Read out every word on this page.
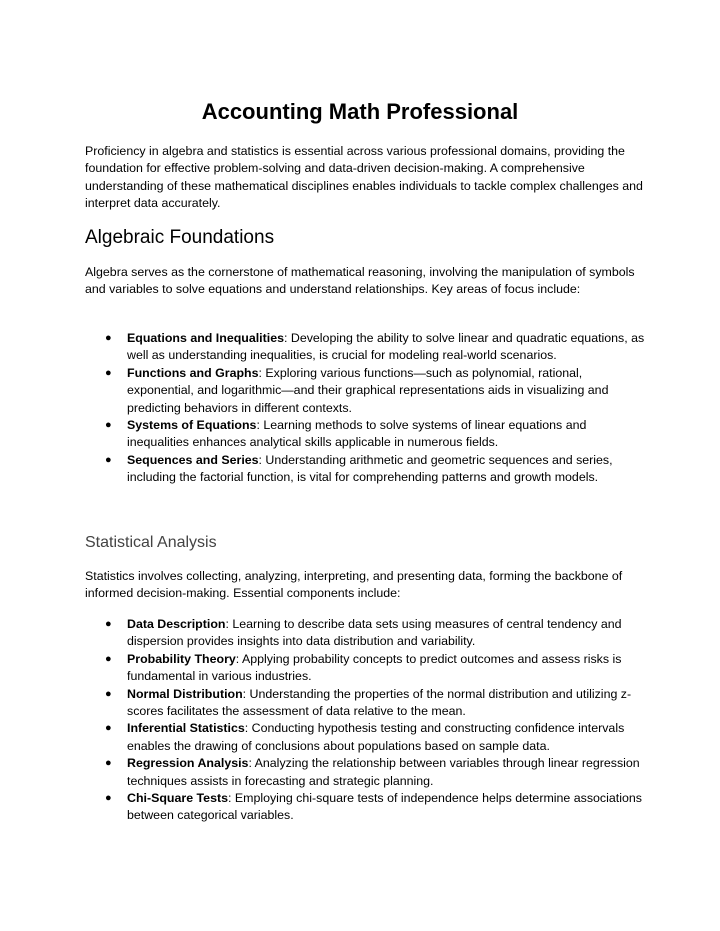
Accounting Math Professional

Proficiency in algebra and statistics is essential across various professional domains, providing the foundation for effective problem-solving and data-driven decision-making. A comprehensive understanding of these mathematical disciplines enables individuals to tackle complex challenges and interpret data accurately.

Algebraic Foundations

Algebra serves as the cornerstone of mathematical reasoning, involving the manipulation of symbols and variables to solve equations and understand relationships. Key areas of focus include:

● Equations and Inequalities: Developing the ability to solve linear and quadratic equations, as well as understanding inequalities, is crucial for modeling real-world scenarios.
● Functions and Graphs: Exploring various functions—such as polynomial, rational, exponential, and logarithmic—and their graphical representations aids in visualizing and predicting behaviors in different contexts.
● Systems of Equations: Learning methods to solve systems of linear equations and inequalities enhances analytical skills applicable in numerous fields.
● Sequences and Series: Understanding arithmetic and geometric sequences and series, including the factorial function, is vital for comprehending patterns and growth models.
Statistical Analysis

Statistics involves collecting, analyzing, interpreting, and presenting data, forming the backbone of informed decision-making. Essential components include:

● Data Description: Learning to describe data sets using measures of central tendency and dispersion provides insights into data distribution and variability.
● Probability Theory: Applying probability concepts to predict outcomes and assess risks is fundamental in various industries.
● Normal Distribution: Understanding the properties of the normal distribution and utilizing z-scores facilitates the assessment of data relative to the mean.
● Inferential Statistics: Conducting hypothesis testing and constructing confidence intervals enables the drawing of conclusions about populations based on sample data.
● Regression Analysis: Analyzing the relationship between variables through linear regression techniques assists in forecasting and strategic planning.
● Chi-Square Tests: Employing chi-square tests of independence helps determine associations between categorical variables.
